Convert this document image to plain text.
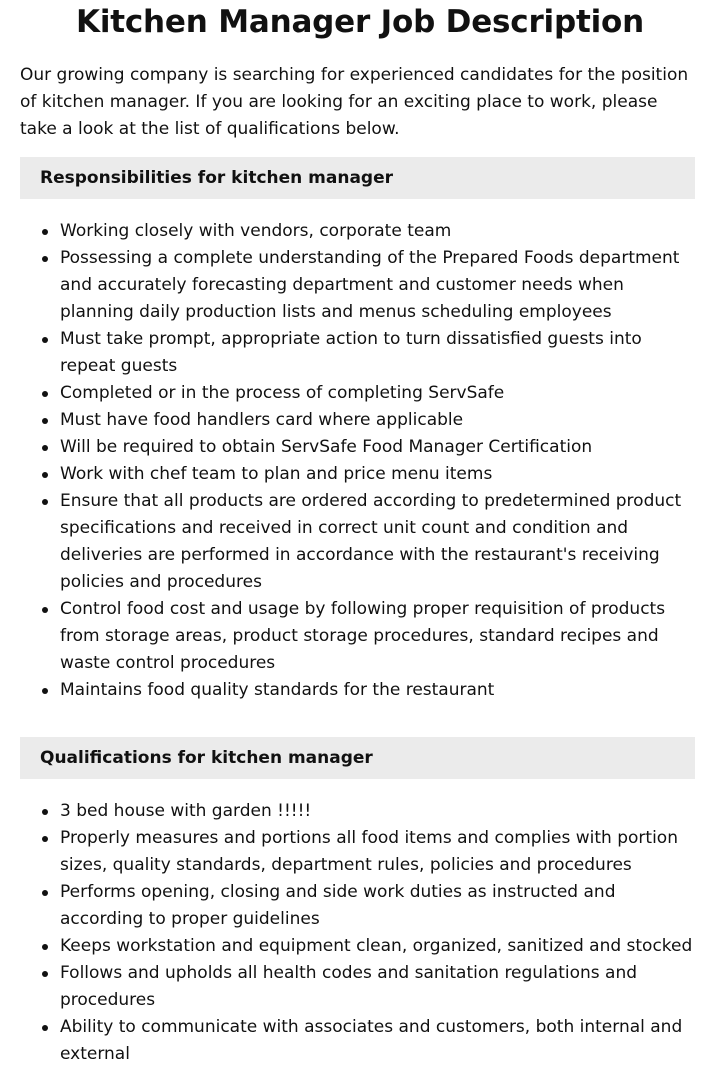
Kitchen Manager Job Description

Our growing company is searching for experienced candidates for the position of kitchen manager. If you are looking for an exciting place to work, please take a look at the list of qualifications below.

Responsibilities for kitchen manager
Working closely with vendors, corporate team
Possessing a complete understanding of the Prepared Foods department and accurately forecasting department and customer needs when planning daily production lists and menus scheduling employees
Must take prompt, appropriate action to turn dissatisfied guests into repeat guests
Completed or in the process of completing ServSafe
Must have food handlers card where applicable
Will be required to obtain ServSafe Food Manager Certification
Work with chef team to plan and price menu items
Ensure that all products are ordered according to predetermined product specifications and received in correct unit count and condition and deliveries are performed in accordance with the restaurant's receiving policies and procedures
Control food cost and usage by following proper requisition of products from storage areas, product storage procedures, standard recipes and waste control procedures
Maintains food quality standards for the restaurant
Qualifications for kitchen manager
3 bed house with garden !!!!!
Properly measures and portions all food items and complies with portion sizes, quality standards, department rules, policies and procedures
Performs opening, closing and side work duties as instructed and according to proper guidelines
Keeps workstation and equipment clean, organized, sanitized and stocked
Follows and upholds all health codes and sanitation regulations and procedures
Ability to communicate with associates and customers, both internal and external
